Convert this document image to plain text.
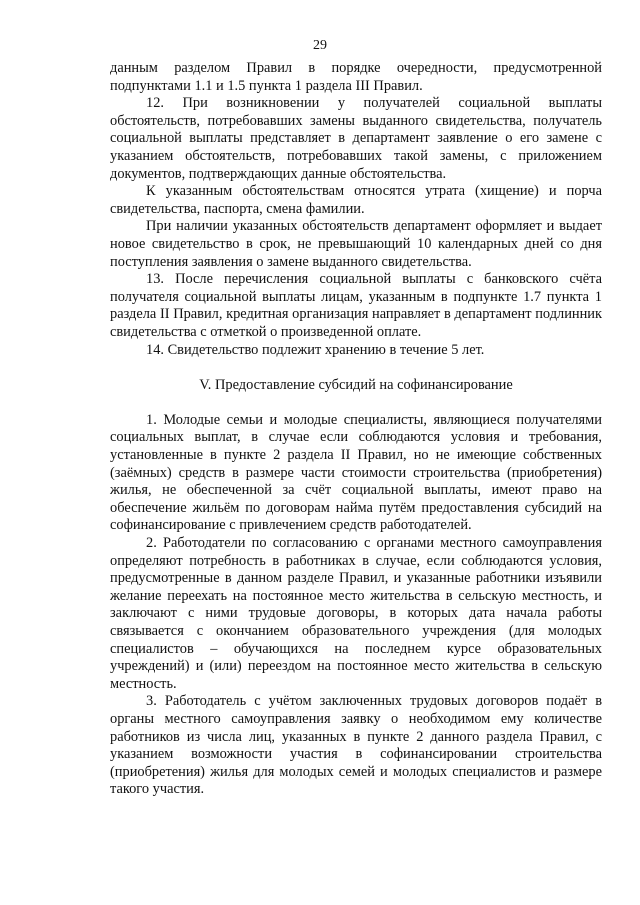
29

данным разделом Правил в порядке очередности, предусмотренной подпунктами 1.1 и 1.5 пункта 1 раздела III Правил.

12. При возникновении у получателей социальной выплаты обстоятельств, потребовавших замены выданного свидетельства, получатель социальной выплаты представляет в департамент заявление о его замене с указанием обстоятельств, потребовавших такой замены, с приложением документов, подтверждающих данные обстоятельства.

К указанным обстоятельствам относятся утрата (хищение) и порча свидетельства, паспорта, смена фамилии.

При наличии указанных обстоятельств департамент оформляет и выдает новое свидетельство в срок, не превышающий 10 календарных дней со дня поступления заявления о замене выданного свидетельства.

13. После перечисления социальной выплаты с банковского счёта получателя социальной выплаты лицам, указанным в подпункте 1.7 пункта 1 раздела II Правил, кредитная организация направляет в департамент подлинник свидетельства с отметкой о произведенной оплате.

14. Свидетельство подлежит хранению в течение 5 лет.

V. Предоставление субсидий на софинансирование

1. Молодые семьи и молодые специалисты, являющиеся получателями социальных выплат, в случае если соблюдаются условия и требования, установленные в пункте 2 раздела II Правил, но не имеющие собственных (заёмных) средств в размере части стоимости строительства (приобретения) жилья, не обеспеченной за счёт социальной выплаты, имеют право на обеспечение жильём по договорам найма путём предоставления субсидий на софинансирование с привлечением средств работодателей.

2. Работодатели по согласованию с органами местного самоуправления определяют потребность в работниках в случае, если соблюдаются условия, предусмотренные в данном разделе Правил, и указанные работники изъявили желание переехать на постоянное место жительства в сельскую местность, и заключают с ними трудовые договоры, в которых дата начала работы связывается с окончанием образовательного учреждения (для молодых специалистов – обучающихся на последнем курсе образовательных учреждений) и (или) переездом на постоянное место жительства в сельскую местность.

3. Работодатель с учётом заключенных трудовых договоров подаёт в органы местного самоуправления заявку о необходимом ему количестве работников из числа лиц, указанных в пункте 2 данного раздела Правил, с указанием возможности участия в софинансировании строительства (приобретения) жилья для молодых семей и молодых специалистов и размере такого участия.
